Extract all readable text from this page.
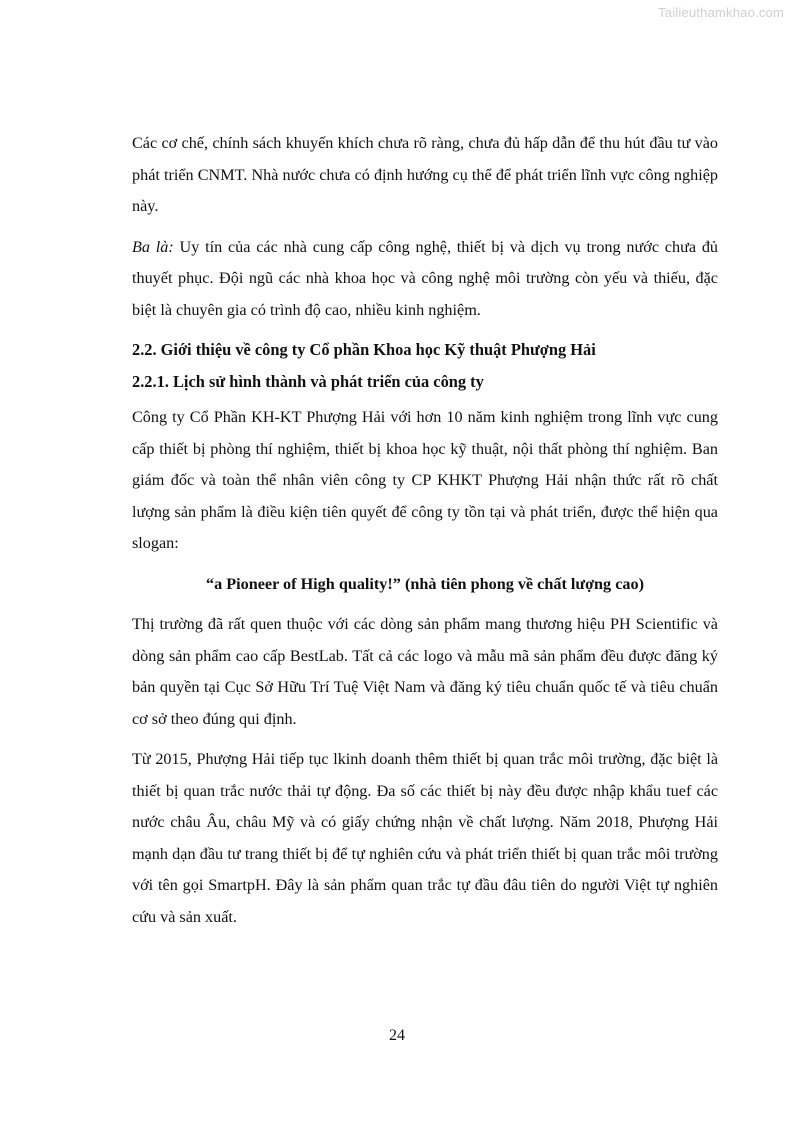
Tailieuthamkhao.com

Các cơ chế, chính sách khuyến khích chưa rõ ràng, chưa đủ hấp dẫn để thu hút đầu tư vào phát triển CNMT. Nhà nước chưa có định hướng cụ thể để phát triển lĩnh vực công nghiệp này.

Ba là: Uy tín của các nhà cung cấp công nghệ, thiết bị và dịch vụ trong nước chưa đủ thuyết phục. Đội ngũ các nhà khoa học và công nghệ môi trường còn yếu và thiếu, đặc biệt là chuyên gia có trình độ cao, nhiều kinh nghiệm.

2.2. Giới thiệu về công ty Cổ phần Khoa học Kỹ thuật Phượng Hải
2.2.1. Lịch sử hình thành và phát triển của công ty

Công ty Cổ Phần KH-KT Phượng Hải với hơn 10 năm kinh nghiệm trong lĩnh vực cung cấp thiết bị phòng thí nghiệm, thiết bị khoa học kỹ thuật, nội thất phòng thí nghiệm. Ban giám đốc và toàn thể nhân viên công ty CP KHKT Phượng Hải nhận thức rất rõ chất lượng sản phẩm là điều kiện tiên quyết để công ty tồn tại và phát triển, được thể hiện qua slogan:

“a Pioneer of High quality!” (nhà tiên phong về chất lượng cao)

Thị trường đã rất quen thuộc với các dòng sản phẩm mang thương hiệu PH Scientific và dòng sản phẩm cao cấp BestLab. Tất cả các logo và mẫu mã sản phẩm đều được đăng ký bản quyền tại Cục Sở Hữu Trí Tuệ Việt Nam và đăng ký tiêu chuẩn quốc tế và tiêu chuẩn cơ sở theo đúng qui định.

Từ 2015, Phượng Hải tiếp tục lkinh doanh thêm thiết bị quan trắc môi trường, đặc biệt là thiết bị quan trắc nước thải tự động. Đa số các thiết bị này đều được nhập khẩu tuef các nước châu Âu, châu Mỹ và có giấy chứng nhận về chất lượng. Năm 2018, Phượng Hải mạnh dạn đầu tư trang thiết bị để tự nghiên cứu và phát triển thiết bị quan trắc môi trường với tên gọi SmartpH. Đây là sản phẩm quan trắc tự đầu đâu tiên do người Việt tự nghiên cứu và sản xuất.

24
